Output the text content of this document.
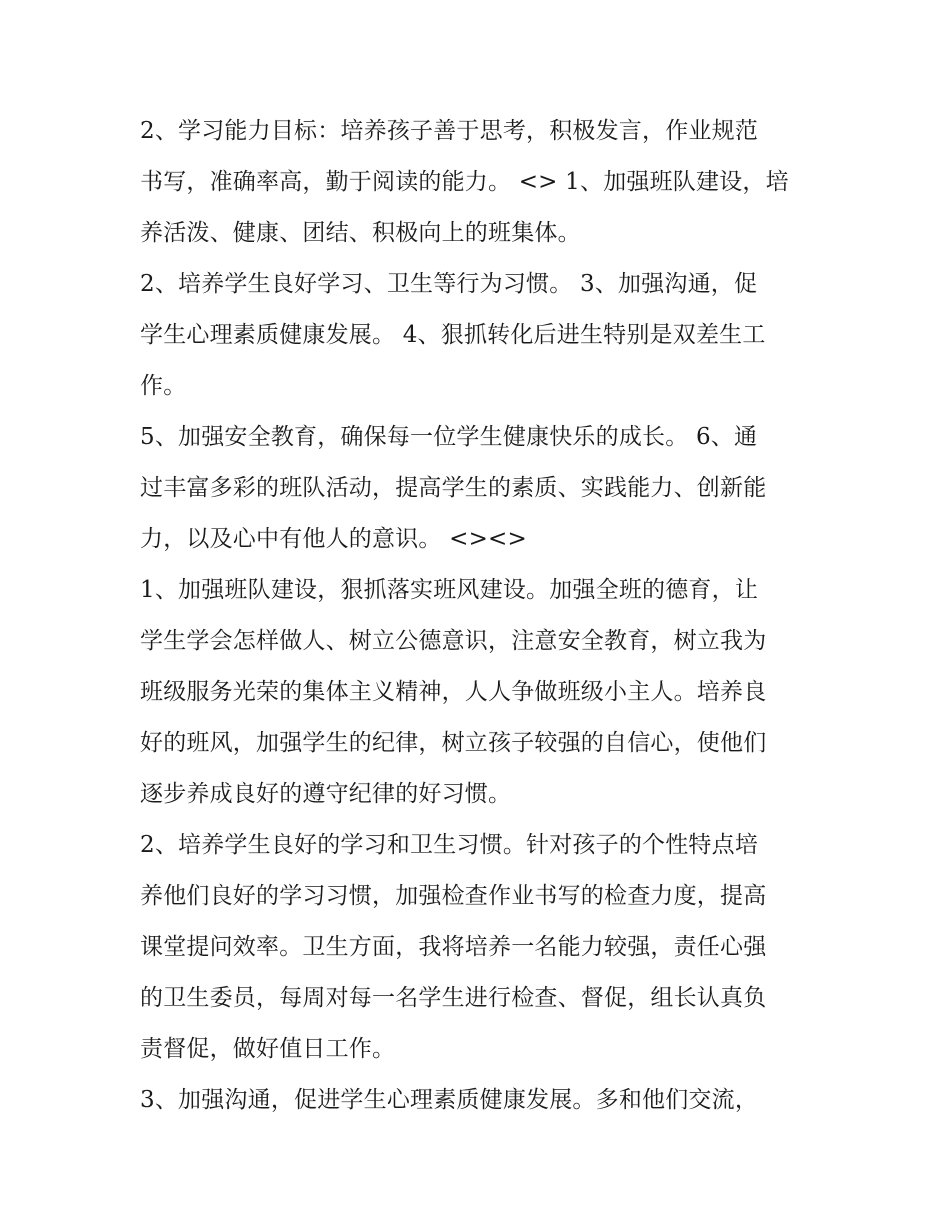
2、学习能力目标：培养孩子善于思考，积极发言，作业规范
书写，准确率高，勤于阅读的能力。 <> 1、加强班队建设，培
养活泼、健康、团结、积极向上的班集体。
2、培养学生良好学习、卫生等行为习惯。 3、加强沟通，促
学生心理素质健康发展。 4、狠抓转化后进生特别是双差生工
作。
5、加强安全教育，确保每一位学生健康快乐的成长。 6、通
过丰富多彩的班队活动，提高学生的素质、实践能力、创新能
力，以及心中有他人的意识。 <><>
1、加强班队建设，狠抓落实班风建设。加强全班的德育，让
学生学会怎样做人、树立公德意识，注意安全教育，树立我为
班级服务光荣的集体主义精神，人人争做班级小主人。培养良
好的班风，加强学生的纪律，树立孩子较强的自信心，使他们
逐步养成良好的遵守纪律的好习惯。
2、培养学生良好的学习和卫生习惯。针对孩子的个性特点培
养他们良好的学习习惯，加强检查作业书写的检查力度，提高
课堂提问效率。卫生方面，我将培养一名能力较强，责任心强
的卫生委员，每周对每一名学生进行检查、督促，组长认真负
责督促，做好值日工作。
3、加强沟通，促进学生心理素质健康发展。多和他们交流，
